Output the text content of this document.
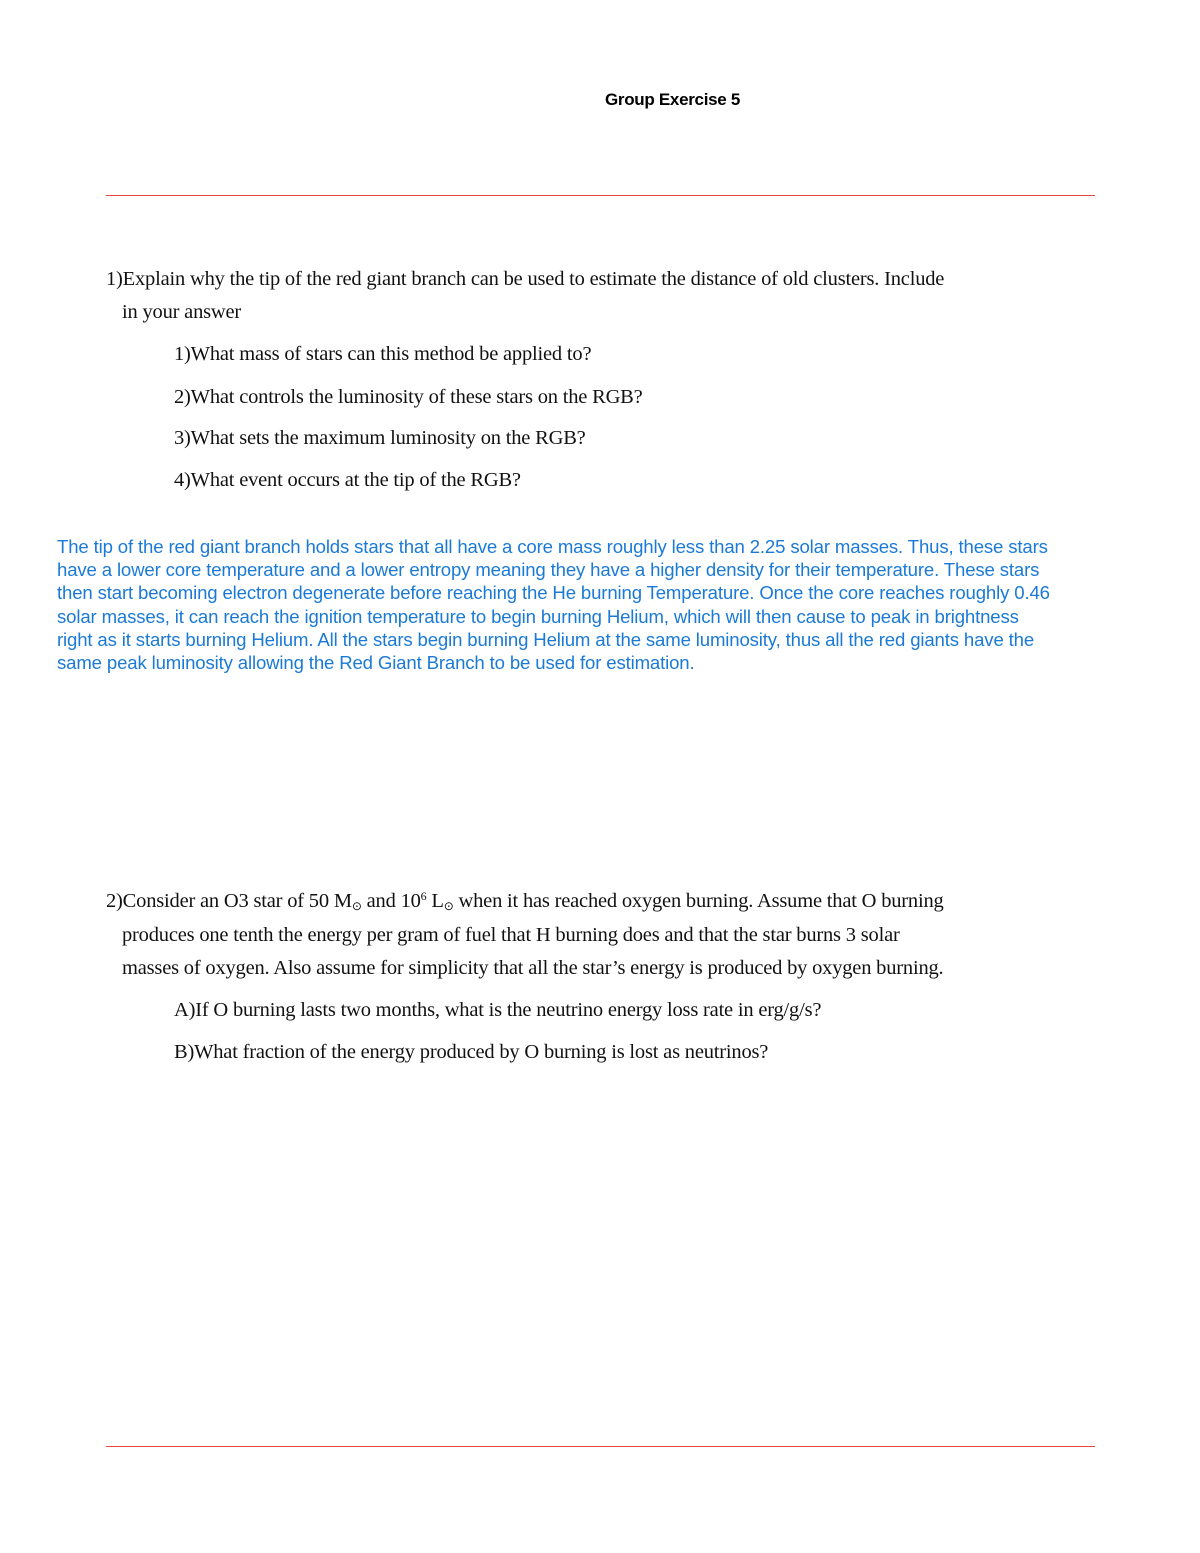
Group Exercise 5
1)Explain why the tip of the red giant branch can be used to estimate the distance of old clusters. Include
in your answer
1)What mass of stars can this method be applied to?
2)What controls the luminosity of these stars on the RGB?
3)What sets the maximum luminosity on the RGB?
4)What event occurs at the tip of the RGB?
The tip of the red giant branch holds stars that all have a core mass roughly less than 2.25 solar masses. Thus, these stars
have a lower core temperature and a lower entropy meaning they have a higher density for their temperature. These stars
then start becoming electron degenerate before reaching the He burning Temperature. Once the core reaches roughly 0.46
solar masses, it can reach the ignition temperature to begin burning Helium, which will then cause to peak in brightness
right as it starts burning Helium. All the stars begin burning Helium at the same luminosity, thus all the red giants have the
same peak luminosity allowing the Red Giant Branch to be used for estimation.
2)Consider an O3 star of 50 $M_⊙$ and $10^6$ $L_⊙$ when it has reached oxygen burning. Assume that O burning
produces one tenth the energy per gram of fuel that H burning does and that the star burns 3 solar
masses of oxygen. Also assume for simplicity that all the star’s energy is produced by oxygen burning.
A)If O burning lasts two months, what is the neutrino energy loss rate in erg/g/s?
B)What fraction of the energy produced by O burning is lost as neutrinos?
